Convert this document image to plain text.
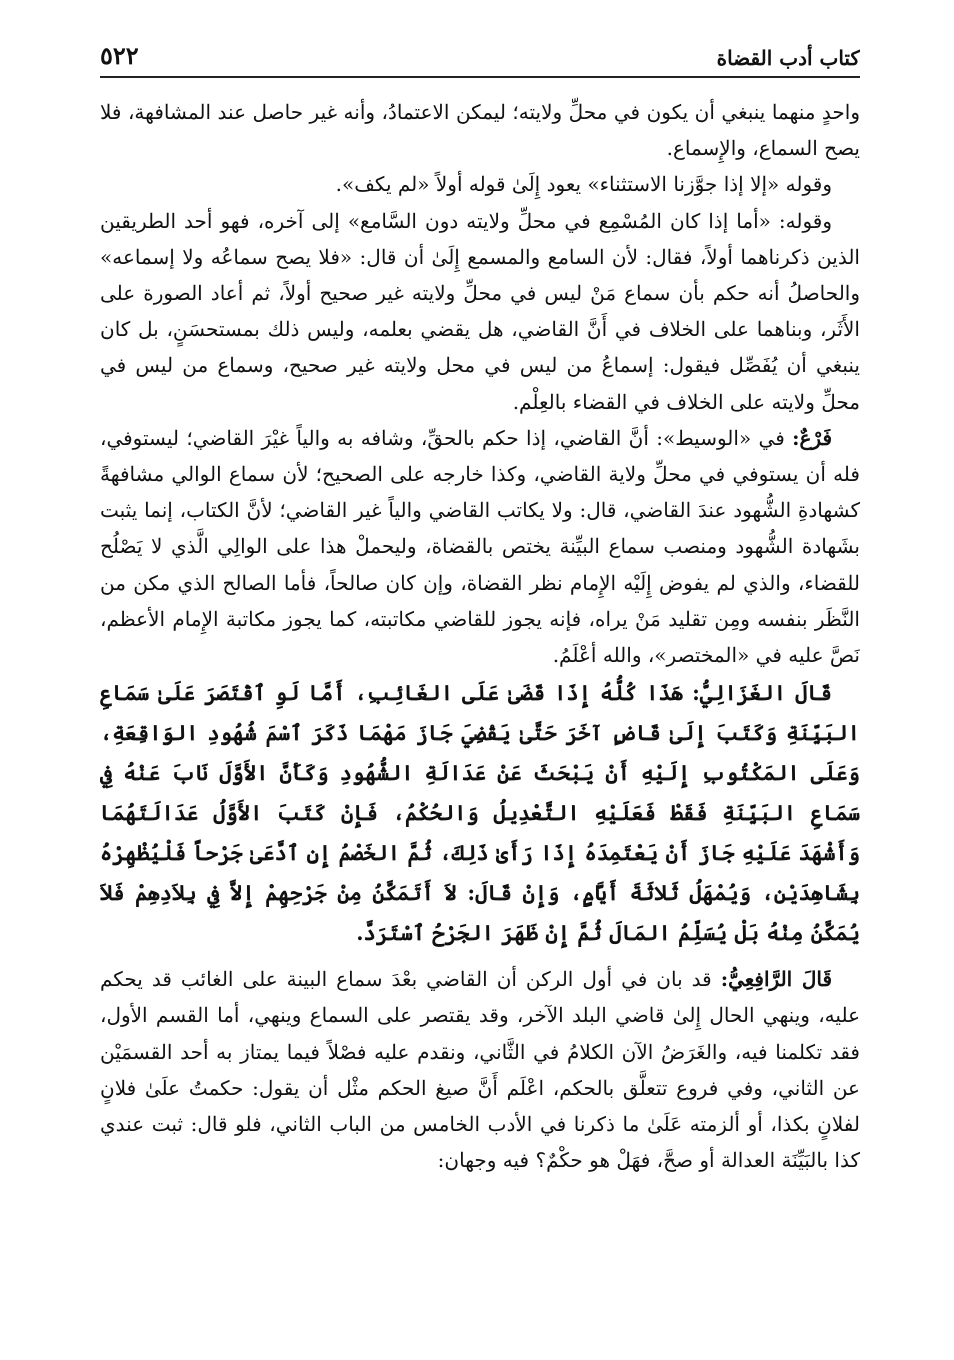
كتاب أدب القضاة
٥٢٢

واحدٍ منهما ينبغي أن يكون في محلِّ ولايته؛ ليمكن الاعتمادُ، وأنه غير حاصل عند المشافهة، فلا يصح السماع، والإِسماع.

وقوله «إلا إذا جوَّزنا الاستثناء» يعود إِلَىٰ قوله أولاً «لم يكف».

وقوله: «أما إذا كان المُسْمِع في محلِّ ولايته دون السَّامع» إلى آخره، فهو أحد الطريقين الذين ذكرناهما أولاً، فقال: لأن السامع والمسمع إِلَىٰ أن قال: «فلا يصح سماعُه ولا إسماعه» والحاصلُ أنه حكم بأن سماع مَنْ ليس في محلِّ ولايته غير صحيح أولاً، ثم أعاد الصورة على الأَثَر، وبناهما على الخلاف في أَنَّ القاضي، هل يقضي بعلمه، وليس ذلك بمستحسَنٍ، بل كان ينبغي أن يُفَصِّل فيقول: إسماعُ من ليس في محل ولايته غير صحيح، وسماع من ليس في محلِّ ولايته على الخلاف في القضاء بالعِلْم.

فَرْعٌ: في «الوسيط»: أنَّ القاضي، إذا حكم بالحقِّ، وشافه به والياً غيْرَ القاضي؛ ليستوفي، فله أن يستوفي في محلِّ ولاية القاضي، وكذا خارجه على الصحيح؛ لأن سماع الوالي مشافهةً كشهادةِ الشُّهود عندَ القاضي، قال: ولا يكاتب القاضي والياً غير القاضي؛ لأنَّ الكتاب، إنما يثبت بشَهادة الشُّهود ومنصب سماع البيِّنة يختص بالقضاة، وليحملْ هذا على الوالِي الَّذي لا يَصْلُح للقضاء، والذي لم يفوض إِلَيْه الإِمام نظر القضاة، وإن كان صالحاً، فأما الصالح الذي مكن من النَّظَر بنفسه ومِن تقليد مَنْ يراه، فإنه يجوز للقاضي مكاتبته، كما يجوز مكاتبة الإِمام الأعظم، نَصَّ عليه في «المختصر»، والله أعْلَمُ.

قَالَ الغَزَالِيُّ: هَذَا كُلُّهُ إِذَا قَضَىٰ عَلَى الغَائِبِ، أَمَّا لَوِ ٱقْتَصَرَ عَلَىٰ سَمَاعِ البَيِّنَةِ وَكَتَبَ إِلَىٰ قَاضٍ آخَرَ حَتَّىٰ يَقْضِيَ جَازَ مَهْمَا ذَكَرَ ٱسْمَ شُهُودِ الوَاقِعَةِ، وَعَلَى المَكْتُوبِ إِلَيْهِ أَنْ يَبْحَثَ عَنْ عَدَالَةِ الشُّهُودِ وَكَأَنَّ الأَوَّلَ نَابَ عَنْهُ فِي سَمَاعِ البَيِّنَةِ فَقَطْ فَعَلَيْهِ التَّعْدِيلُ وَالحُكْمُ، فَإِنْ كَتَبَ الأَوَّلُ عَدَالَتَهُمَا وَأَشْهَدَ عَلَيْهِ جَازَ أَنْ يَعْتَمِدَهُ إِذَا رَأَىٰ ذَلِكَ، ثُمَّ الخَصْمُ إِنِ ٱدَّعَىٰ جَرْحاً فَلْيُظْهِرْهُ بِشَاهِدَيْنِ، وَيُمْهَلُ ثَلاثَةَ أَيَّامٍ، وَإِنْ قَالَ: لاَ أَتَمَكَّنُ مِنْ جَرْحِهِمْ إِلاَّ فِي بِلاَدِهِمْ فَلاَ يُمَكَّنُ مِنْهُ بَلْ يُسَلِّمُ المَالَ ثُمَّ إِنْ ظَهَرَ الجَرْحُ ٱسْتَرَدَّ.

قَالَ الرَّافِعِيُّ: قد بان في أول الركن أن القاضي بعْدَ سماع البينة على الغائب قد يحكم عليه، وينهي الحال إِلىٰ قاضي البلد الآخر، وقد يقتصر على السماع وينهي، أما القسم الأول، فقد تكلمنا فيه، والغَرَضُ الآن الكلامُ في الثَّاني، ونقدم عليه فصْلاً فيما يمتاز به أحد القسمَيْن عن الثاني، وفي فروع تتعلَّق بالحكم، اعْلَم أَنَّ صيغ الحكم مثْل أن يقول: حكمتُ علَىٰ فلانٍ لفلانٍ بكذا، أو ألزمته عَلَىٰ ما ذكرنا في الأدب الخامس من الباب الثاني، فلو قال: ثبت عندي كذا بالبَيِّنَة العدالة أو صحَّ، فهَلْ هو حكْمٌ؟ فيه وجهان:
